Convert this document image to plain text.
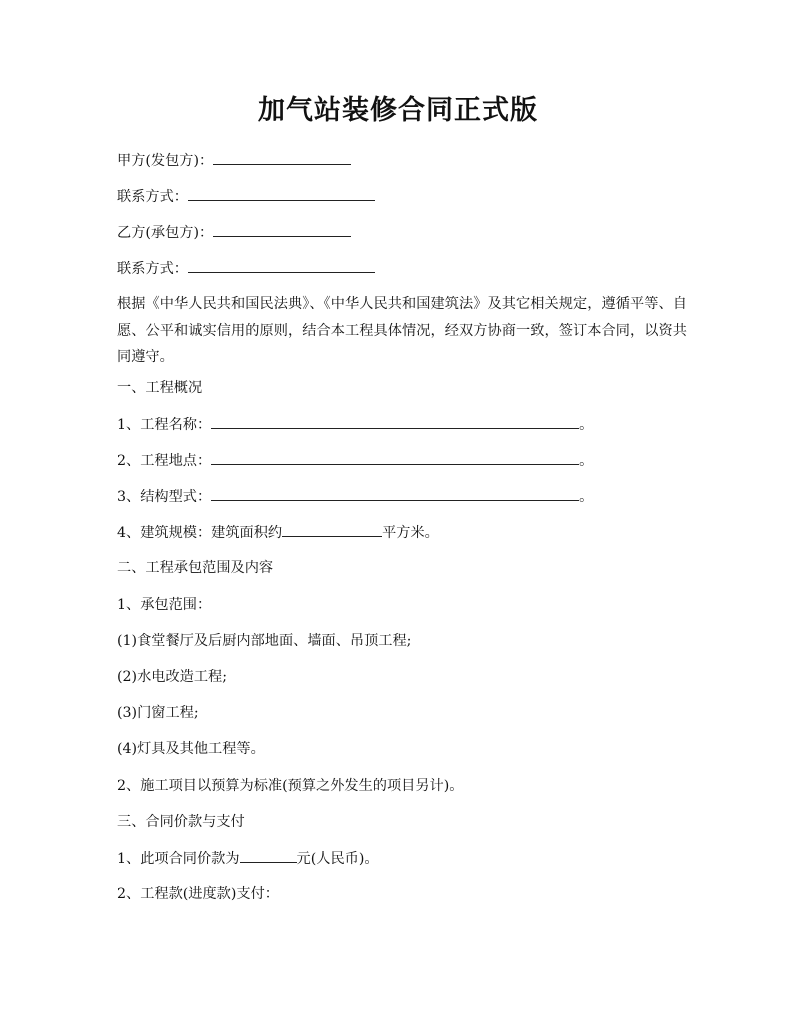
加气站装修合同正式版
甲方(发包方)：
联系方式：
乙方(承包方)：
联系方式：
根据《中华人民共和国民法典》、《中华人民共和国建筑法》及其它相关规定，遵循平等、自愿、公平和诚实信用的原则，结合本工程具体情况，经双方协商一致，签订本合同，以资共同遵守。
一、工程概况
1、工程名称：	。
2、工程地点：	。
3、结构型式：	。
4、建筑规模：建筑面积约	平方米。
二、工程承包范围及内容
1、承包范围：
(1)食堂餐厅及后厨内部地面、墙面、吊顶工程;
(2)水电改造工程;
(3)门窗工程;
(4)灯具及其他工程等。
2、施工项目以预算为标准(预算之外发生的项目另计)。
三、合同价款与支付
1、此项合同价款为	元(人民币)。
2、工程款(进度款)支付：
